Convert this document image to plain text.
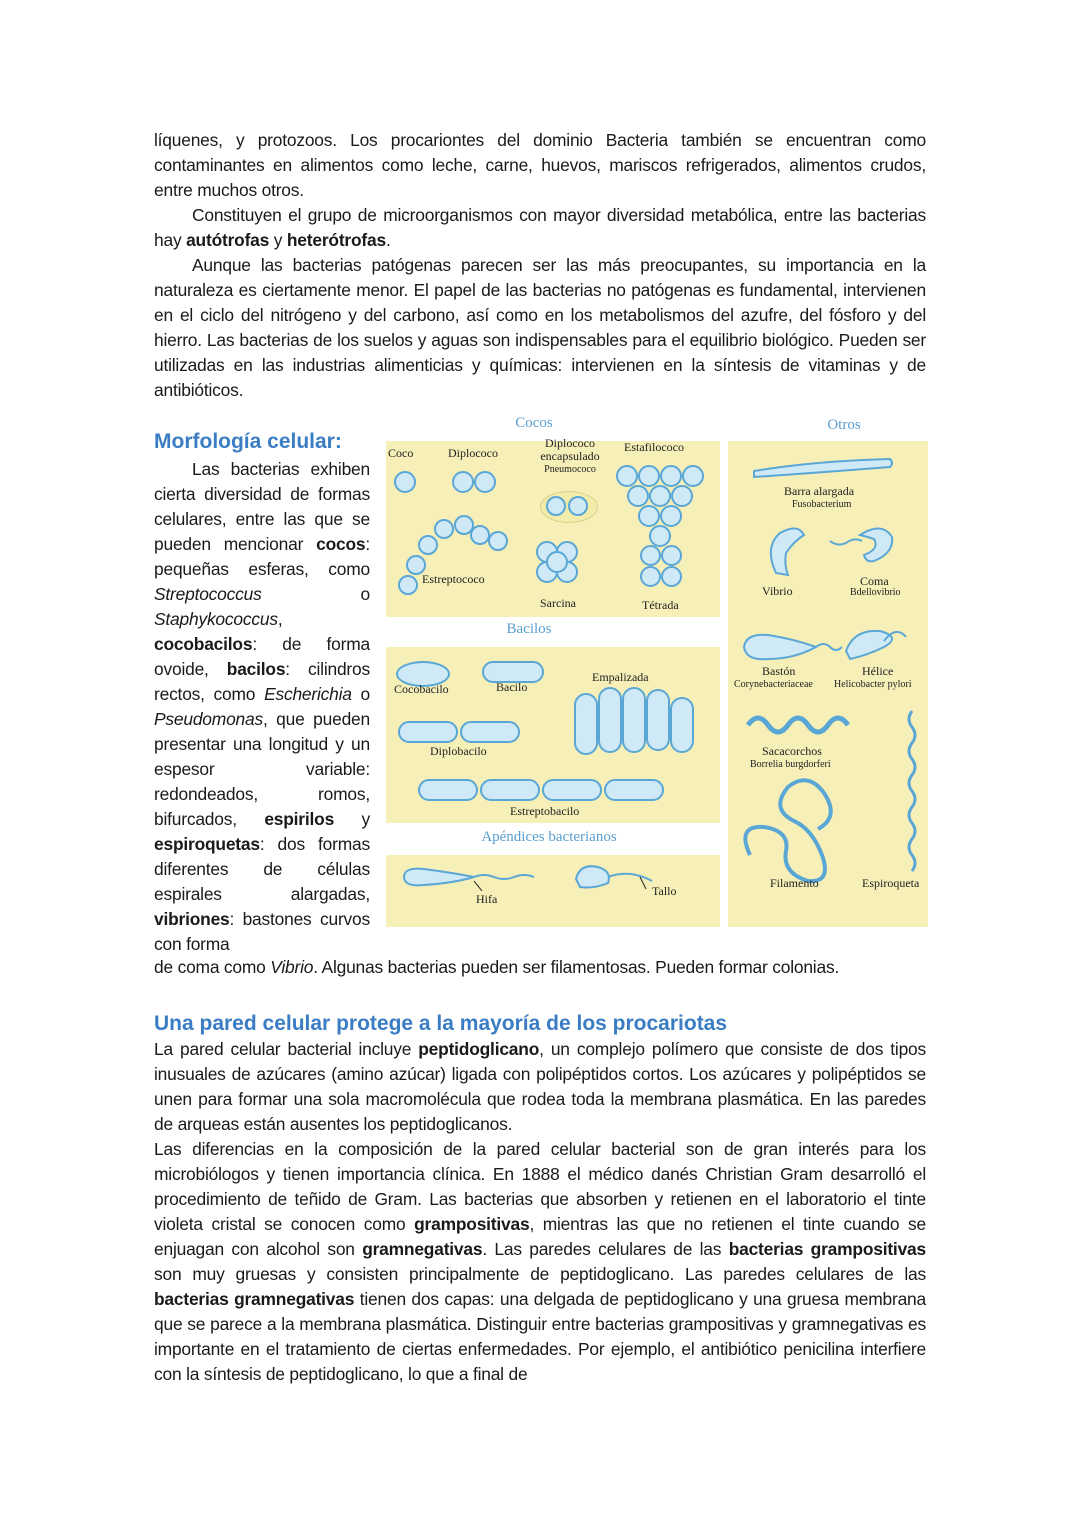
líquenes, y protozoos. Los procariontes del dominio Bacteria también se encuentran como contaminantes en alimentos como leche, carne, huevos, mariscos refrigerados, alimentos crudos, entre muchos otros.

Constituyen el grupo de microorganismos con mayor diversidad metabólica, entre las bacterias hay autótrofas y heterótrofas.

Aunque las bacterias patógenas parecen ser las más preocupantes, su importancia en la naturaleza es ciertamente menor. El papel de las bacterias no patógenas es fundamental, intervienen en el ciclo del nitrógeno y del carbono, así como en los metabolismos del azufre, del fósforo y del hierro. Las bacterias de los suelos y aguas son indispensables para el equilibrio biológico. Pueden ser utilizadas en las industrias alimenticias y químicas: intervienen en la síntesis de vitaminas y de antibióticos.

Morfología celular:

Las bacterias exhiben cierta diversidad de formas celulares, entre las que se pueden mencionar cocos: pequeñas esferas, como Streptococcus o Staphykococcus, cocobacilos: de forma ovoide, bacilos: cilindros rectos, como Escherichia o Pseudomonas, que pueden presentar una longitud y un espesor variable: redondeados, romos, bifurcados, espirilos y espiroquetas: dos formas diferentes de células espirales alargadas, vibriones: bastones curvos con forma

Cocos	Otros
Bacilos
Apéndices bacterianos
Coco	Diplococo
Diplococo
encapsulado
Pneumococo
Estafilococo
Estreptococo
Sarcina	Tétrada
Cocobacilo	Bacilo
Empalizada
Diplobacilo
Estreptobacilo
Barra alargada
Fusobacterium
Vibrio
Coma
Bdellovibrio
Bastón
Corynebacteriaceae
Hélice
Helicobacter pylori
Sacacorchos
Borrelia burgdorferi
Filamento	Espiroqueta
Hifa
Tallo

de coma como Vibrio. Algunas bacterias pueden ser filamentosas. Pueden formar colonias.

Una pared celular protege a la mayoría de los procariotas

La pared celular bacterial incluye peptidoglicano, un complejo polímero que consiste de dos tipos inusuales de azúcares (amino azúcar) ligada con polipéptidos cortos. Los azúcares y polipéptidos se unen para formar una sola macromolécula que rodea toda la membrana plasmática. En las paredes de arqueas están ausentes los peptidoglicanos.

Las diferencias en la composición de la pared celular bacterial son de gran interés para los microbiólogos y tienen importancia clínica. En 1888 el médico danés Christian Gram desarrolló el procedimiento de teñido de Gram. Las bacterias que absorben y retienen en el laboratorio el tinte violeta cristal se conocen como grampositivas, mientras las que no retienen el tinte cuando se enjuagan con alcohol son gramnegativas. Las paredes celulares de las bacterias grampositivas son muy gruesas y consisten principalmente de peptidoglicano. Las paredes celulares de las bacterias gramnegativas tienen dos capas: una delgada de peptidoglicano y una gruesa membrana que se parece a la membrana plasmática. Distinguir entre bacterias grampositivas y gramnegativas es importante en el tratamiento de ciertas enfermedades. Por ejemplo, el antibiótico penicilina interfiere con la síntesis de peptidoglicano, lo que a final de
